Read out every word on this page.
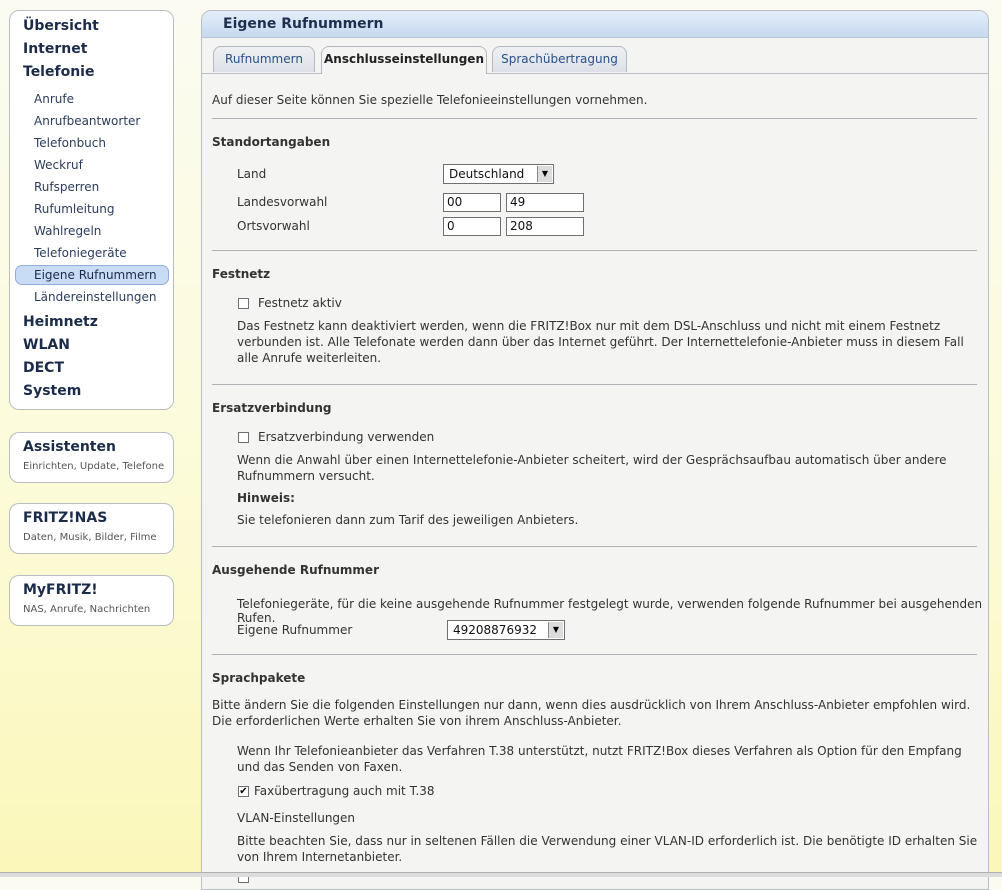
Übersicht
Internet
Telefonie
Anrufe
Anrufbeantworter
Telefonbuch
Weckruf
Rufsperren
Rufumleitung
Wahlregeln
Telefoniegeräte
Eigene Rufnummern
Ländereinstellungen
Heimnetz
WLAN
DECT
System
Assistenten
Einrichten, Update, Telefone
FRITZ!NAS
Daten, Musik, Bilder, Filme
MyFRITZ!
NAS, Anrufe, Nachrichten
Eigene Rufnummern
Rufnummern	Anschlusseinstellungen	Sprachübertragung
Auf dieser Seite können Sie spezielle Telefonieeinstellungen vornehmen.
Standortangaben
Land	Deutschland	▼
Landesvorwahl	00	49
Ortsvorwahl	0	208
Festnetz
Festnetz aktiv
Das Festnetz kann deaktiviert werden, wenn die FRITZ!Box nur mit dem DSL-Anschluss und nicht mit einem Festnetz verbunden ist. Alle Telefonate werden dann über das Internet geführt. Der Internettelefonie-Anbieter muss in diesem Fall alle Anrufe weiterleiten.
Ersatzverbindung
Ersatzverbindung verwenden
Wenn die Anwahl über einen Internettelefonie-Anbieter scheitert, wird der Gesprächsaufbau automatisch über andere Rufnummern versucht.
Hinweis:
Sie telefonieren dann zum Tarif des jeweiligen Anbieters.
Ausgehende Rufnummer
Telefoniegeräte, für die keine ausgehende Rufnummer festgelegt wurde, verwenden folgende Rufnummer bei ausgehenden Rufen.
Eigene Rufnummer	49208876932	▼
Sprachpakete
Bitte ändern Sie die folgenden Einstellungen nur dann, wenn dies ausdrücklich von Ihrem Anschluss-Anbieter empfohlen wird. Die erforderlichen Werte erhalten Sie von ihrem Anschluss-Anbieter.
Wenn Ihr Telefonieanbieter das Verfahren T.38 unterstützt, nutzt FRITZ!Box dieses Verfahren als Option für den Empfang und das Senden von Faxen.
✔ Faxübertragung auch mit T.38
VLAN-Einstellungen
Bitte beachten Sie, dass nur in seltenen Fällen die Verwendung einer VLAN-ID erforderlich ist. Die benötigte ID erhalten Sie von Ihrem Internetanbieter.
